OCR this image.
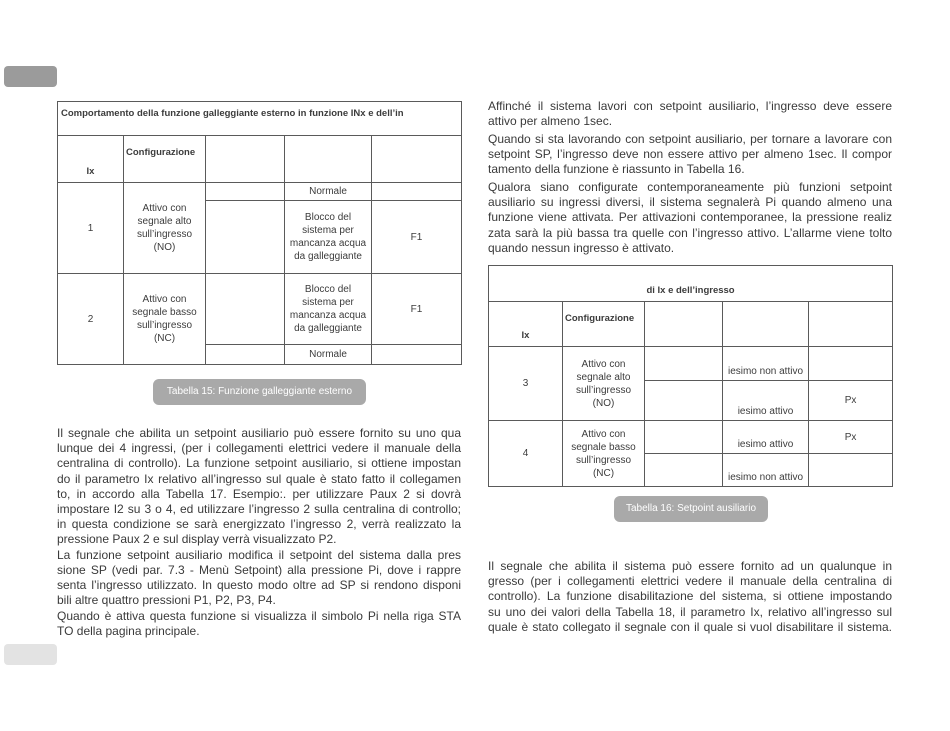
Comportamento della funzione galleggiante esterno in funzione INx e dell’in				
Ix	Configurazione			
1	Attivo con
segnale alto
sull’ingresso
(NO)		Normale	
			Blocco del
sistema per
mancanza acqua
da galleggiante	F1
2	Attivo con
segnale basso
sull’ingresso
(NC)		Blocco del
sistema per
mancanza acqua
da galleggiante	F1
			Normale	
Tabella 15: Funzione galleggiante esterno
Il segnale che abilita un setpoint ausiliario può essere fornito su uno qua
lunque dei 4 ingressi, (per i collegamenti elettrici vedere il manuale della
centralina di controllo). La funzione setpoint ausiliario, si ottiene impostan
do il parametro Ix relativo all’ingresso sul quale è stato fatto il collegamen
to, in accordo alla Tabella 17. Esempio:. per utilizzare Paux 2 si dovrà
impostare I2 su 3 o 4, ed utilizzare l’ingresso 2 sulla centralina di controllo;
in questa condizione se sarà energizzato l’ingresso 2, verrà realizzato la
pressione Paux 2 e sul display verrà visualizzato P2.
La funzione setpoint ausiliario modifica il setpoint del sistema dalla pres
sione SP (vedi par. 7.3 - Menù Setpoint) alla pressione Pi, dove i rappre
senta l’ingresso utilizzato. In questo modo oltre ad SP si rendono disponi
bili altre quattro pressioni P1, P2, P3, P4.
Quando è attiva questa funzione si visualizza il simbolo Pi nella riga STA
TO della pagina principale.
Affinché il sistema lavori con setpoint ausiliario, l’ingresso deve essere
attivo per almeno 1sec.
Quando si sta lavorando con setpoint ausiliario, per tornare a lavorare con
setpoint SP, l’ingresso deve non essere attivo per almeno 1sec. Il compor
tamento della funzione è riassunto in Tabella 16.
Qualora siano configurate contemporaneamente più funzioni setpoint
ausiliario su ingressi diversi, il sistema segnalerà Pi quando almeno una
funzione viene attivata. Per attivazioni contemporanee, la pressione realiz
zata sarà la più bassa tra quelle con l’ingresso attivo. L’allarme viene tolto
quando nessun ingresso è attivato.
di Ix e dell’ingresso				
Ix	Configurazione			
3	Attivo con
segnale alto
sull’ingresso
(NO)		iesimo non attivo	
			iesimo attivo	Px
4	Attivo con
segnale basso
sull’ingresso
(NC)		iesimo attivo	Px
			iesimo non attivo	
Tabella 16: Setpoint ausiliario
Il segnale che abilita il sistema può essere fornito ad un qualunque in
gresso (per i collegamenti elettrici vedere il manuale della centralina di
controllo). La funzione disabilitazione del sistema, si ottiene impostando
su uno dei valori della Tabella 18, il parametro Ix, relativo all’ingresso sul
quale è stato collegato il segnale con il quale si vuol disabilitare il sistema.
